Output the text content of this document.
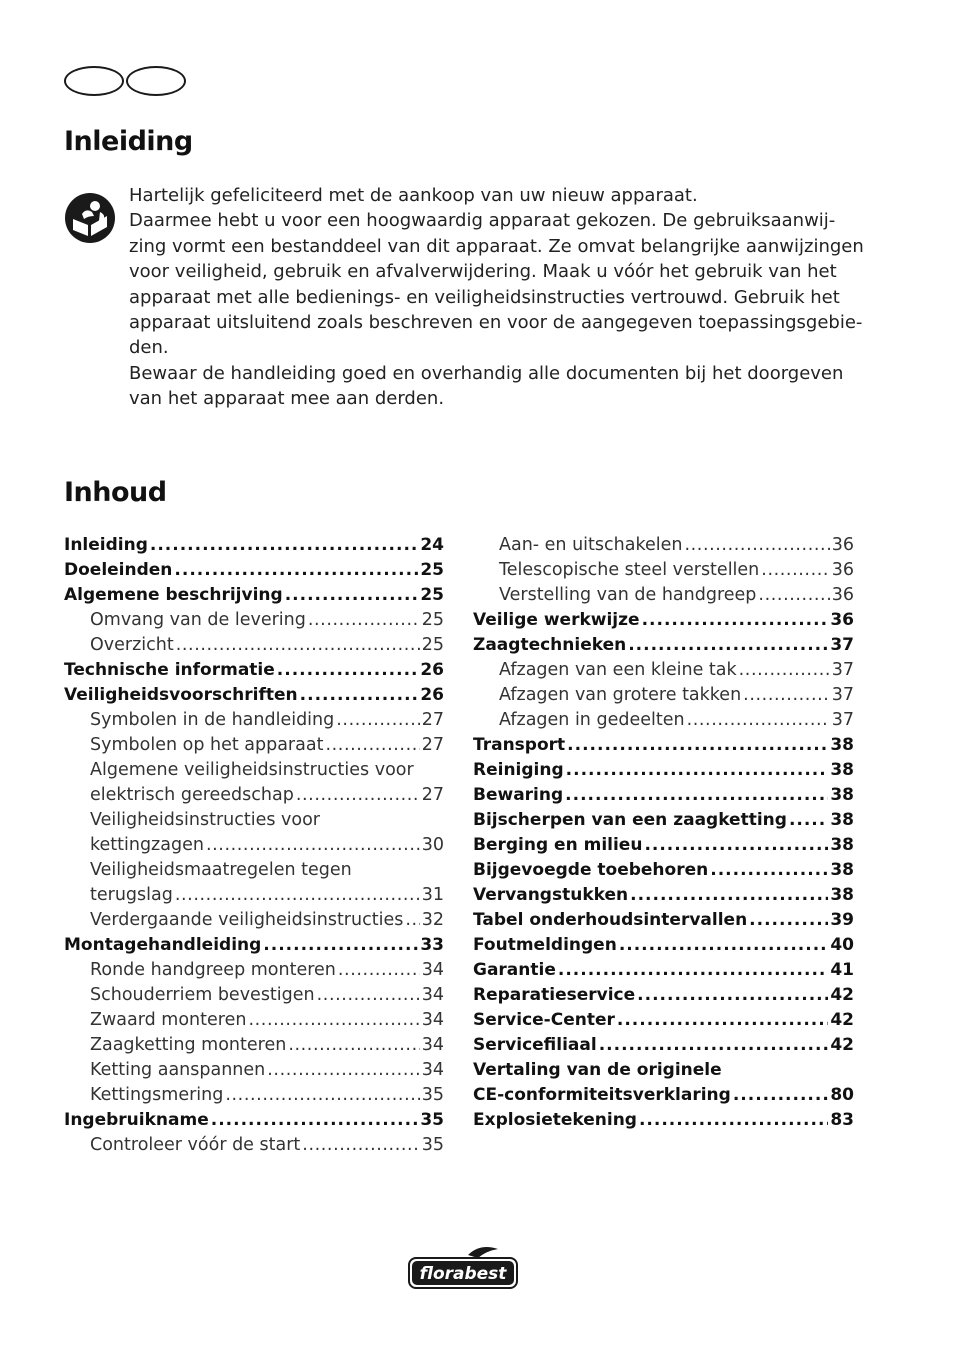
Inleiding

Hartelijk gefeliciteerd met de aankoop van uw nieuw apparaat.

Daarmee hebt u voor een hoogwaardig apparaat gekozen. De gebruiksaanwij-

zing vormt een bestanddeel van dit apparaat. Ze omvat belangrijke aanwijzingen

voor veiligheid, gebruik en afvalverwijdering. Maak u vóór het gebruik van het

apparaat met alle bedienings- en veiligheidsinstructies vertrouwd. Gebruik het

apparaat uitsluitend zoals beschreven en voor de aangegeven toepassingsgebie-

den.

Bewaar de handleiding goed en overhandig alle documenten bij het doorgeven

van het apparaat mee aan derden.

Inhoud
Inleiding .....	24
Doeleinden .....	25
Algemene beschrijving .....	25
Omvang van de levering .....	25
Overzicht .....	25
Technische informatie .....	26
Veiligheidsvoorschriften .....	26
Symbolen in de handleiding .....	27
Symbolen op het apparaat .....	27
Algemene veiligheidsinstructies voor
elektrisch gereedschap .....	27
Veiligheidsinstructies voor
kettingzagen .....	30
Veiligheidsmaatregelen tegen
terugslag .....	31
Verdergaande veiligheidsinstructies ..... 32
Montagehandleiding .....	33
Ronde handgreep monteren .....	34
Schouderriem bevestigen .....	34
Zwaard monteren .....	34
Zaagketting monteren .....	34
Ketting aanspannen .....	34
Kettingsmering .....	35
Ingebruikname .....	35
Controleer vóór de start .....	35
Aan- en uitschakelen .....	36
Telescopische steel verstellen .....	36
Verstelling van de handgreep .....	36
Veilige werkwijze .....	36
Zaagtechnieken .....	37
Afzagen van een kleine tak .....	37
Afzagen van grotere takken .....	37
Afzagen in gedeelten .....	37
Transport .....	38
Reiniging .....	38
Bewaring .....	38
Bijscherpen van een zaagketting .....	38
Berging en milieu .....	38
Bijgevoegde toebehoren .....	38
Vervangstukken .....	38
Tabel onderhoudsintervallen .....	39
Foutmeldingen .....	40
Garantie .....	41
Reparatieservice .....	42
Service-Center .....	42
Servicefiliaal .....	42
Vertaling van de originele
CE-conformiteitsverklaring .....	80
Explosietekening .....	83
florabest
